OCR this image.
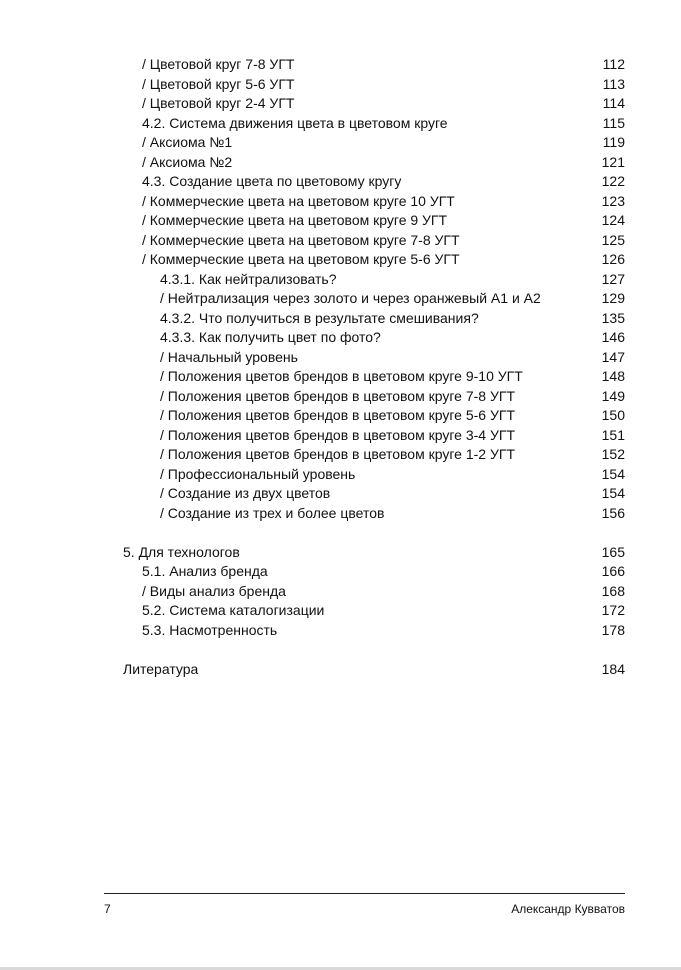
/ Цветовой круг 7-8 УГТ	112
/ Цветовой круг 5-6 УГТ	113
/ Цветовой круг 2-4 УГТ	114
4.2. Система движения цвета в цветовом круге	115
/ Аксиома №1	119
/ Аксиома №2	121
4.3. Создание цвета по цветовому кругу	122
/ Коммерческие цвета на цветовом круге 10 УГТ	123
/ Коммерческие цвета на цветовом круге 9 УГТ	124
/ Коммерческие цвета на цветовом круге 7-8 УГТ	125
/ Коммерческие цвета на цветовом круге 5-6 УГТ	126
4.3.1. Как нейтрализовать?	127
/ Нейтрализация через золото и через оранжевый А1 и А2	129
4.3.2. Что получиться в результате смешивания?	135
4.3.3. Как получить цвет по фото?	146
/ Начальный уровень	147
/ Положения цветов брендов в цветовом круге 9-10 УГТ	148
/ Положения цветов брендов в цветовом круге 7-8 УГТ	149
/ Положения цветов брендов в цветовом круге 5-6 УГТ	150
/ Положения цветов брендов в цветовом круге 3-4 УГТ	151
/ Положения цветов брендов в цветовом круге 1-2 УГТ	152
/ Профессиональный уровень	154
/ Создание из двух цветов	154
/ Создание из трех и более цветов	156
5. Для технологов	165
5.1. Анализ бренда	166
/ Виды анализ бренда	168
5.2. Система каталогизации	172
5.3. Насмотренность	178
Литература	184
7	Александр Кувватов
